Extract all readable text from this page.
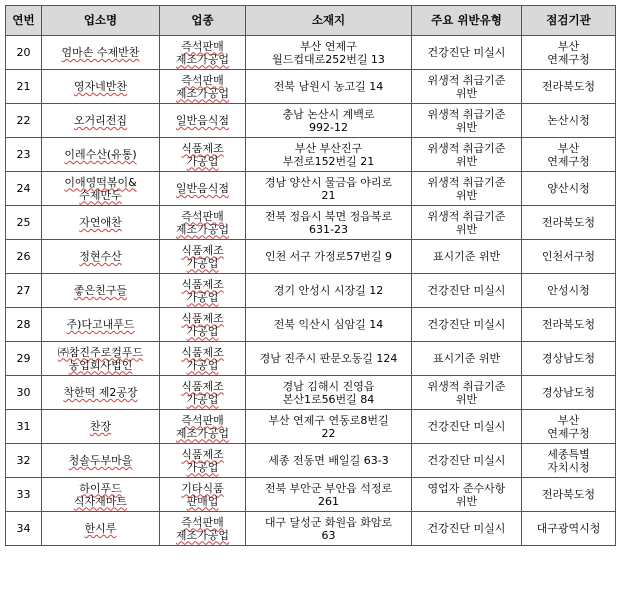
연번	업소명	업종	소재지	주요 위반유형	점검기관

20	엄마손 수제반찬	즉석판매
제조가공업	부산 연제구
월드컵대로252번길 13	건강진단 미실시	부산
연제구청

21	영자네반찬	즉석판매
제조가공업	전북 남원시 농고길 14	위생적 취급기준
위반	전라북도청

22	오거리전집	일반음식점	충남 논산시 계백로
992-12	위생적 취급기준
위반	논산시청

23	이레수산(유통)	식품제조
가공업	부산 부산진구
부전로152번길 21	위생적 취급기준
위반	부산
연제구청

24	이애영떡볶이&
수제만두	일반음식점	경남 양산시 물금읍 야리로
21	위생적 취급기준
위반	양산시청

25	자연애찬	즉석판매
제조가공업	전북 정읍시 북면 정읍북로
631-23	위생적 취급기준
위반	전라북도청

26	정현수산	식품제조
가공업	인천 서구 가정로57번길 9	표시기준 위반	인천서구청

27	좋은친구들	식품제조
가공업	경기 안성시 시장길 12	건강진단 미실시	안성시청

28	주)다고내푸드	식품제조
가공업	전북 익산시 심암길 14	건강진단 미실시	전라북도청

29	㈜참진주로컬푸드
농업회사법인	식품제조
가공업	경남 진주시 판문오동길 124	표시기준 위반	경상남도청

30	착한떡 제2공장	식품제조
가공업	경남 김해시 진영읍
본산1로56번길 84	위생적 취급기준
위반	경상남도청

31	찬장	즉석판매
제조가공업	부산 연제구 연동로8번길
22	건강진단 미실시	부산
연제구청

32	청솔두부마을	식품제조
가공업	세종 전동면 배일길 63-3	건강진단 미실시	세종특별
자치시청

33	하이푸드
식자재마트	기타식품
판매업	전북 부안군 부안읍 석정로
261	영업자 준수사항
위반	전라북도청

34	한시루	즉석판매
제조가공업	대구 달성군 화원읍 화암로
63	건강진단 미실시	대구광역시청
